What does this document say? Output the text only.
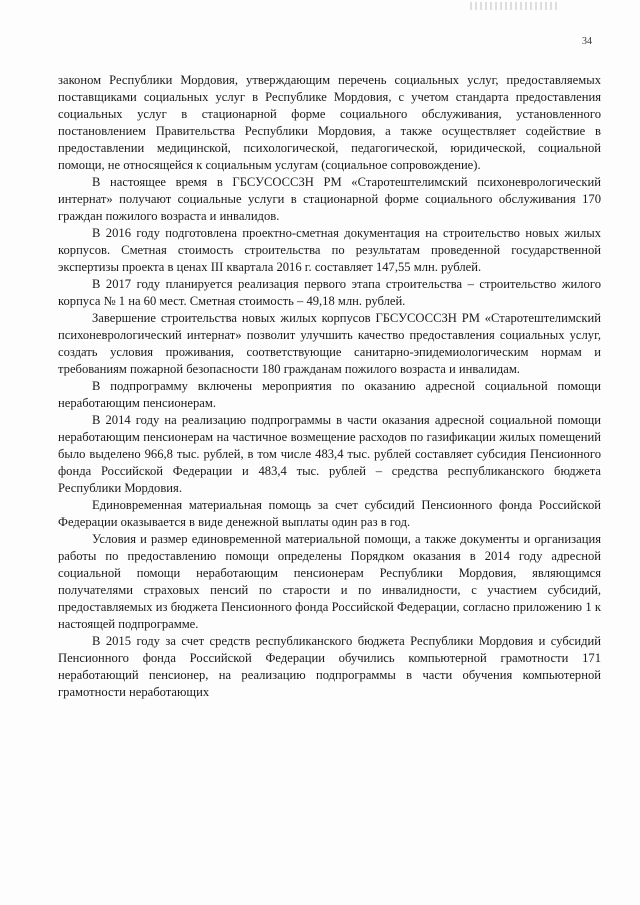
34

законом Республики Мордовия, утверждающим перечень социальных услуг, предоставляемых поставщиками социальных услуг в Республике Мордовия, с учетом стандарта предоставления социальных услуг в стационарной форме социального обслуживания, установленного постановлением Правительства Республики Мордовия, а также осуществляет содействие в предоставлении медицинской, психологической, педагогической, юридической, социальной помощи, не относящейся к социальным услугам (социальное сопровождение).

В настоящее время в ГБСУСОССЗН РМ «Старотештелимский психоневрологический интернат» получают социальные услуги в стационарной форме социального обслуживания 170 граждан пожилого возраста и инвалидов.

В 2016 году подготовлена проектно-сметная документация на строительство новых жилых корпусов. Сметная стоимость строительства по результатам проведенной государственной экспертизы проекта в ценах III квартала 2016 г. составляет 147,55 млн. рублей.

В 2017 году планируется реализация первого этапа строительства – строительство жилого корпуса № 1 на 60 мест. Сметная стоимость – 49,18 млн. рублей.

Завершение строительства новых жилых корпусов ГБСУСОССЗН РМ «Старотештелимский психоневрологический интернат» позволит улучшить качество предоставления социальных услуг, создать условия проживания, соответствующие санитарно-эпидемиологическим нормам и требованиям пожарной безопасности 180 гражданам пожилого возраста и инвалидам.

В подпрограмму включены мероприятия по оказанию адресной социальной помощи неработающим пенсионерам.

В 2014 году на реализацию подпрограммы в части оказания адресной социальной помощи неработающим пенсионерам на частичное возмещение расходов по газификации жилых помещений было выделено 966,8 тыс. рублей, в том числе 483,4 тыс. рублей составляет субсидия Пенсионного фонда Российской Федерации и 483,4 тыс. рублей – средства республиканского бюджета Республики Мордовия.

Единовременная материальная помощь за счет субсидий Пенсионного фонда Российской Федерации оказывается в виде денежной выплаты один раз в год.

Условия и размер единовременной материальной помощи, а также документы и организация работы по предоставлению помощи определены Порядком оказания в 2014 году адресной социальной помощи неработающим пенсионерам Республики Мордовия, являющимся получателями страховых пенсий по старости и по инвалидности, с участием субсидий, предоставляемых из бюджета Пенсионного фонда Российской Федерации, согласно приложению 1 к настоящей подпрограмме.

В 2015 году за счет средств республиканского бюджета Республики Мордовия и субсидий Пенсионного фонда Российской Федерации обучились компьютерной грамотности 171 неработающий пенсионер, на реализацию подпрограммы в части обучения компьютерной грамотности неработающих
